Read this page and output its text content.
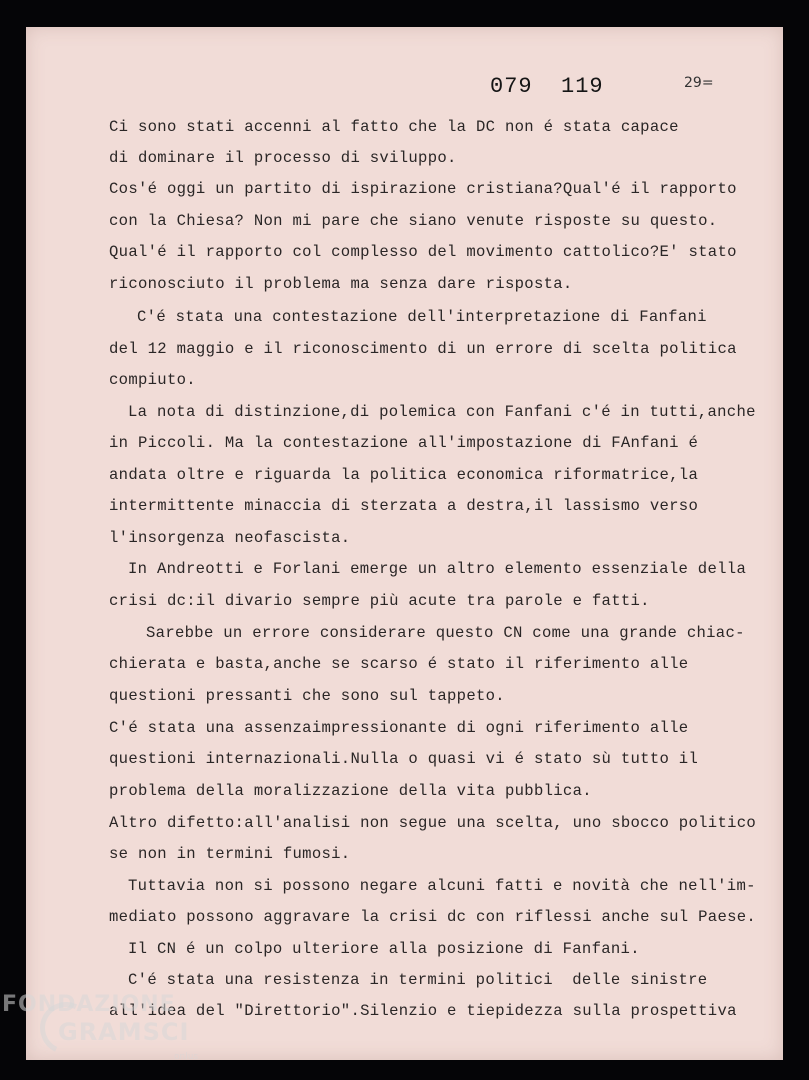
079  119	29=
Ci sono stati accenni al fatto che la DC non é stata capace
di dominare il processo di sviluppo.
Cos'é oggi un partito di ispirazione cristiana?Qual'é il rapporto
con la Chiesa? Non mi pare che siano venute risposte su questo.
Qual'é il rapporto col complesso del movimento cattolico?E' stato
riconosciuto il problema ma senza dare risposta.
C'é stata una contestazione dell'interpretazione di Fanfani
del 12 maggio e il riconoscimento di un errore di scelta politica
compiuto.
La nota di distinzione,di polemica con Fanfani c'é in tutti,anche
in Piccoli. Ma la contestazione all'impostazione di FAnfani é
andata oltre e riguarda la politica economica riformatrice,la
intermittente minaccia di sterzata a destra,il lassismo verso
l'insorgenza neofascista.
In Andreotti e Forlani emerge un altro elemento essenziale della
crisi dc:il divario sempre più acute tra parole e fatti.
Sarebbe un errore considerare questo CN come una grande chiac-
chierata e basta,anche se scarso é stato il riferimento alle
questioni pressanti che sono sul tappeto.
C'é stata una assenzaimpressionante di ogni riferimento alle
questioni internazionali.Nulla o quasi vi é stato sù tutto il
problema della moralizzazione della vita pubblica.
Altro difetto:all'analisi non segue una scelta, uno sbocco politico
se non in termini fumosi.
Tuttavia non si possono negare alcuni fatti e novità che nell'im-
mediato possono aggravare la crisi dc con riflessi anche sul Paese.
Il CN é un colpo ulteriore alla posizione di Fanfani.
C'é stata una resistenza in termini politici  delle sinistre
all'idea del "Direttorio".Silenzio e tiepidezza sulla prospettiva
FONDAZIONE
GRAMSCI
onlus
